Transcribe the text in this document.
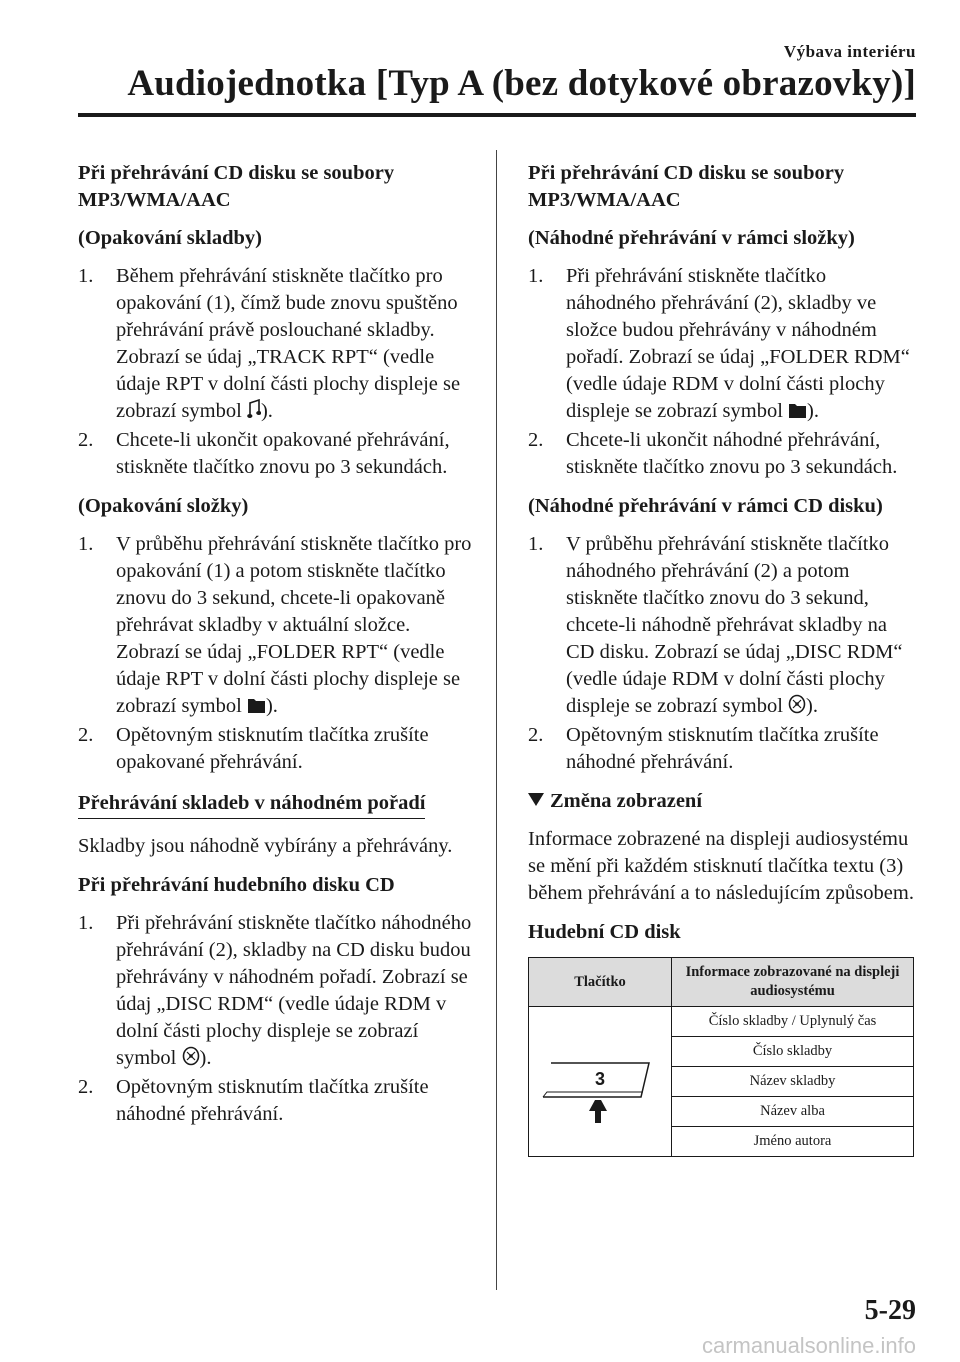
Výbava interiéru
Audiojednotka [Typ A (bez dotykové obrazovky)]
Při přehrávání CD disku se soubory MP3/WMA/AAC
(Opakování skladby)
1. Během přehrávání stiskněte tlačítko pro opakování (1), čímž bude znovu spuštěno přehrávání právě poslouchané skladby. Zobrazí se údaj „TRACK RPT“ (vedle údaje RPT v dolní části plochy displeje se zobrazí symbol ).
2. Chcete-li ukončit opakované přehrávání, stiskněte tlačítko znovu po 3 sekundách.
(Opakování složky)
1. V průběhu přehrávání stiskněte tlačítko pro opakování (1) a potom stiskněte tlačítko znovu do 3 sekund, chcete-li opakovaně přehrávat skladby v aktuální složce. Zobrazí se údaj „FOLDER RPT“ (vedle údaje RPT v dolní části plochy displeje se zobrazí symbol ).
2. Opětovným stisknutím tlačítka zrušíte opakované přehrávání.
Přehrávání skladeb v náhodném pořadí
Skladby jsou náhodně vybírány a přehrávány.
Při přehrávání hudebního disku CD
1. Při přehrávání stiskněte tlačítko náhodného přehrávání (2), skladby na CD disku budou přehrávány v náhodném pořadí. Zobrazí se údaj „DISC RDM“ (vedle údaje RDM v dolní části plochy displeje se zobrazí symbol ).
2. Opětovným stisknutím tlačítka zrušíte náhodné přehrávání.
Při přehrávání CD disku se soubory MP3/WMA/AAC
(Náhodné přehrávání v rámci složky)
1. Při přehrávání stiskněte tlačítko náhodného přehrávání (2), skladby ve složce budou přehrávány v náhodném pořadí. Zobrazí se údaj „FOLDER RDM“ (vedle údaje RDM v dolní části plochy displeje se zobrazí symbol ).
2. Chcete-li ukončit náhodné přehrávání, stiskněte tlačítko znovu po 3 sekundách.
(Náhodné přehrávání v rámci CD disku)
1. V průběhu přehrávání stiskněte tlačítko náhodného přehrávání (2) a potom stiskněte tlačítko znovu do 3 sekund, chcete-li náhodně přehrávat skladby na CD disku. Zobrazí se údaj „DISC RDM“ (vedle údaje RDM v dolní části plochy displeje se zobrazí symbol ).
2. Opětovným stisknutím tlačítka zrušíte náhodné přehrávání.
Změna zobrazení
Informace zobrazené na displeji audiosystému se mění při každém stisknutí tlačítka textu (3) během přehrávání a to následujícím způsobem.
Hudební CD disk
Tlačítko	Informace zobrazované na displeji audiosystému

3	Číslo skladby / Uplynulý čas
	Číslo skladby
	Název skladby
	Název alba
	Jméno autora
5-29
carmanualsonline.info
